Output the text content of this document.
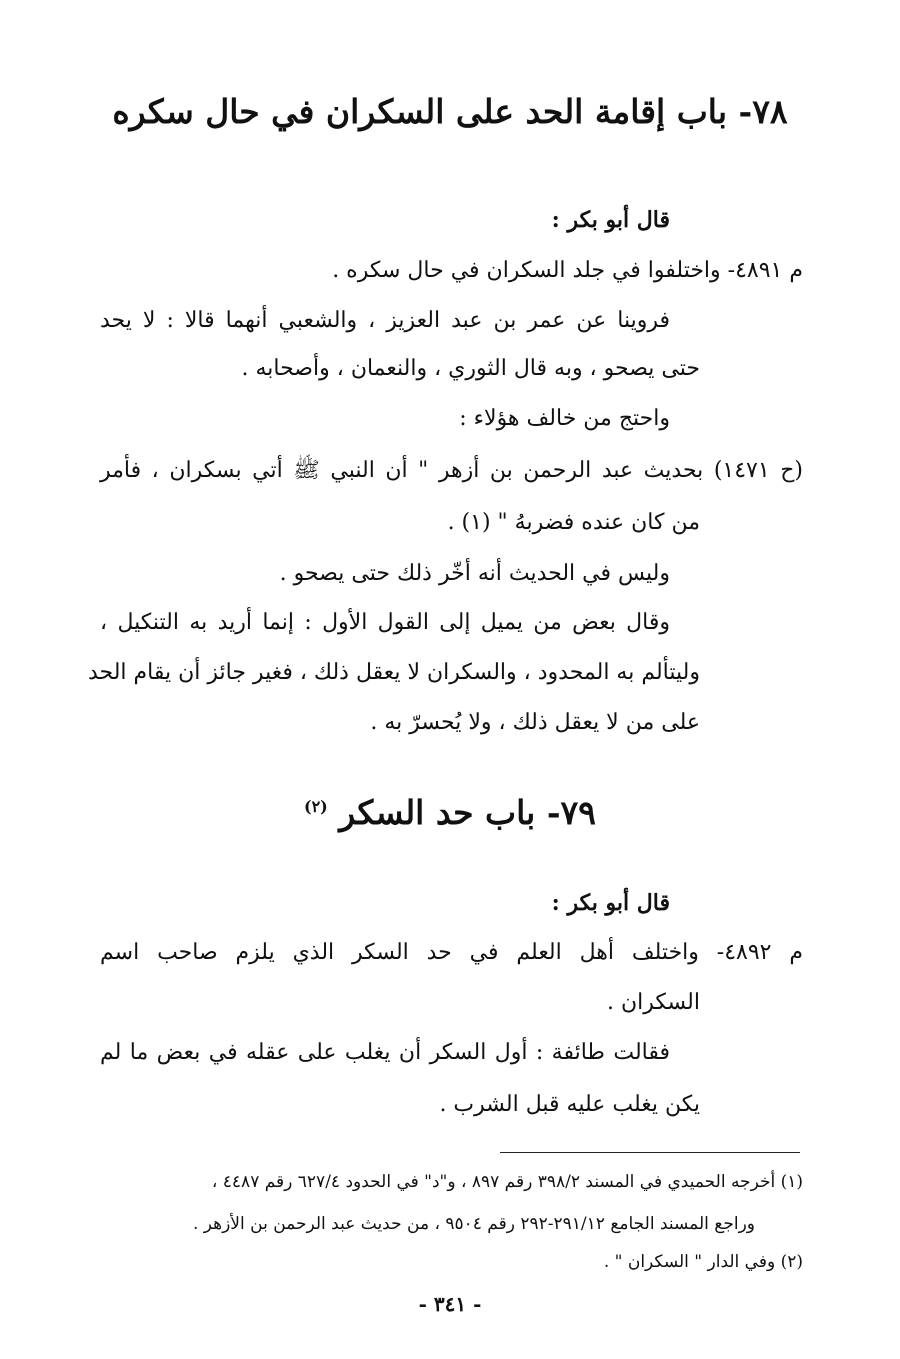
٧٨- باب إقامة الحد على السكران في حال سكره
قال أبو بكر :
م ٤٨٩١- واختلفوا في جلد السكران في حال سكره .
فروينا عن عمر بن عبد العزيز ، والشعبي أنهما قالا : لا يحد
حتى يصحو ، وبه قال الثوري ، والنعمان ، وأصحابه .
واحتج من خالف هؤلاء :
(ح ١٤٧١) بحديث عبد الرحمن بن أزهر " أن النبي ﷺ أتي بسكران ، فأمر
من كان عنده فضربهُ " (١) .
وليس في الحديث أنه أخّر ذلك حتى يصحو .
وقال بعض من يميل إلى القول الأول : إنما أريد به التنكيل ،
وليتألم به المحدود ، والسكران لا يعقل ذلك ، فغير جائز أن يقام الحد
على من لا يعقل ذلك ، ولا يُحسرّ به .
٧٩- باب حد السكر $^{(٢)}$
قال أبو بكر :
م ٤٨٩٢- واختلف أهل العلم في حد السكر الذي يلزم صاحب اسم
السكران .
فقالت طائفة : أول السكر أن يغلب على عقله في بعض ما لم
يكن يغلب عليه قبل الشرب .
(١) أخرجه الحميدي في المسند ٣٩٨/٢ رقم ٨٩٧ ، و"د" في الحدود ٦٢٧/٤ رقم ٤٤٨٧ ،
وراجع المسند الجامع ٢٩١/١٢-٢٩٢ رقم ٩٥٠٤ ، من حديث عبد الرحمن بن الأزهر .
(٢) وفي الدار " السكران " .
- ٣٤١ -
